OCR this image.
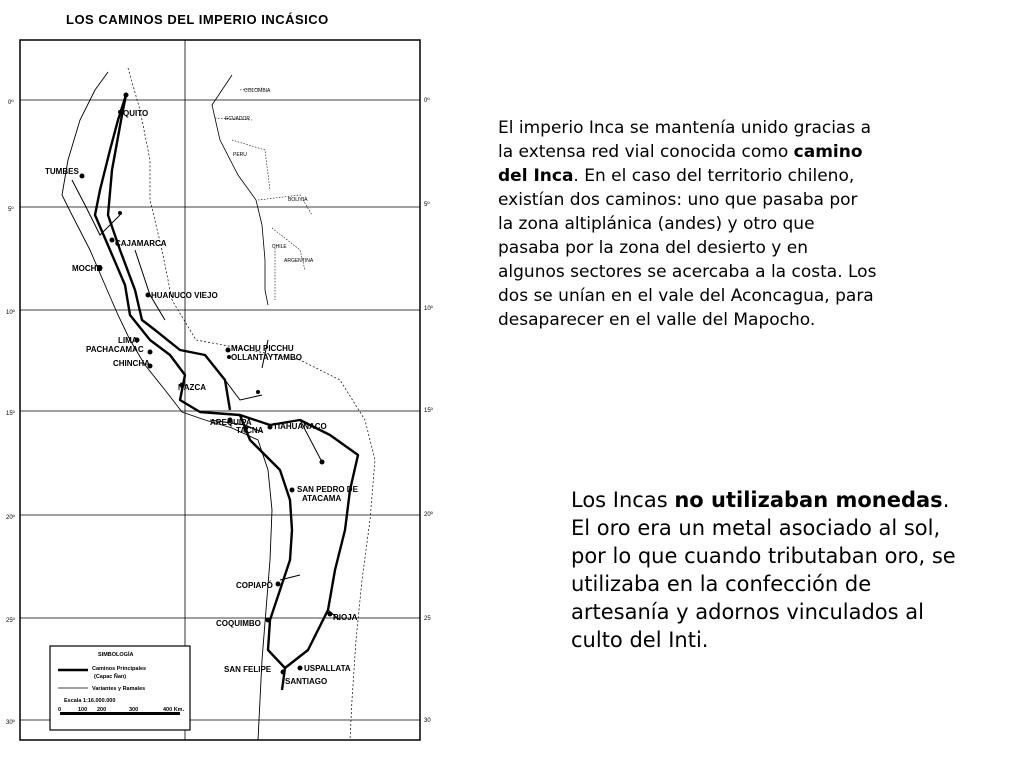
LOS CAMINOS DEL IMPERIO INCÁSICO
0º
5º
10º
15º
20º
25º
30º
0º
5º
10º
15º
20º
25
30
QUITO
TUMBES
CAJAMARCA
MOCHE
HUANUCO VIEJO
LIMA
PACHACAMAC
CHINCHA
MACHU PICCHU
OLLANTAYTAMBO
NAZCA
AREQUIPA	TIAHUANACO
TACNA
SAN PEDRO DE
ATACAMA
COPIAPÓ
COQUIMBO
RIOJA
SAN FELIPE	USPALLATA
SANTIAGO
COLOMBIA
ECUADOR
PERU
BOLIVIA
CHILE
ARGENTINA
SIMBOLOGÍA
Caminos Principales
(Capac Ñan)
Variantes y Ramales
Escala 1:16.000.000
0	100 200	300	400 Km.

El imperio Inca se mantenía unido gracias a la extensa red vial conocida como camino del Inca. En el caso del territorio chileno, existían dos caminos: uno que pasaba por la zona altiplánica (andes) y otro que pasaba por la zona del desierto y en algunos sectores se acercaba a la costa. Los dos se unían en el vale del Aconcagua, para desaparecer en el valle del Mapocho.

Los Incas no utilizaban monedas. El oro era un metal asociado al sol, por lo que cuando tributaban oro, se utilizaba en la confección de artesanía y adornos vinculados al culto del Inti.
